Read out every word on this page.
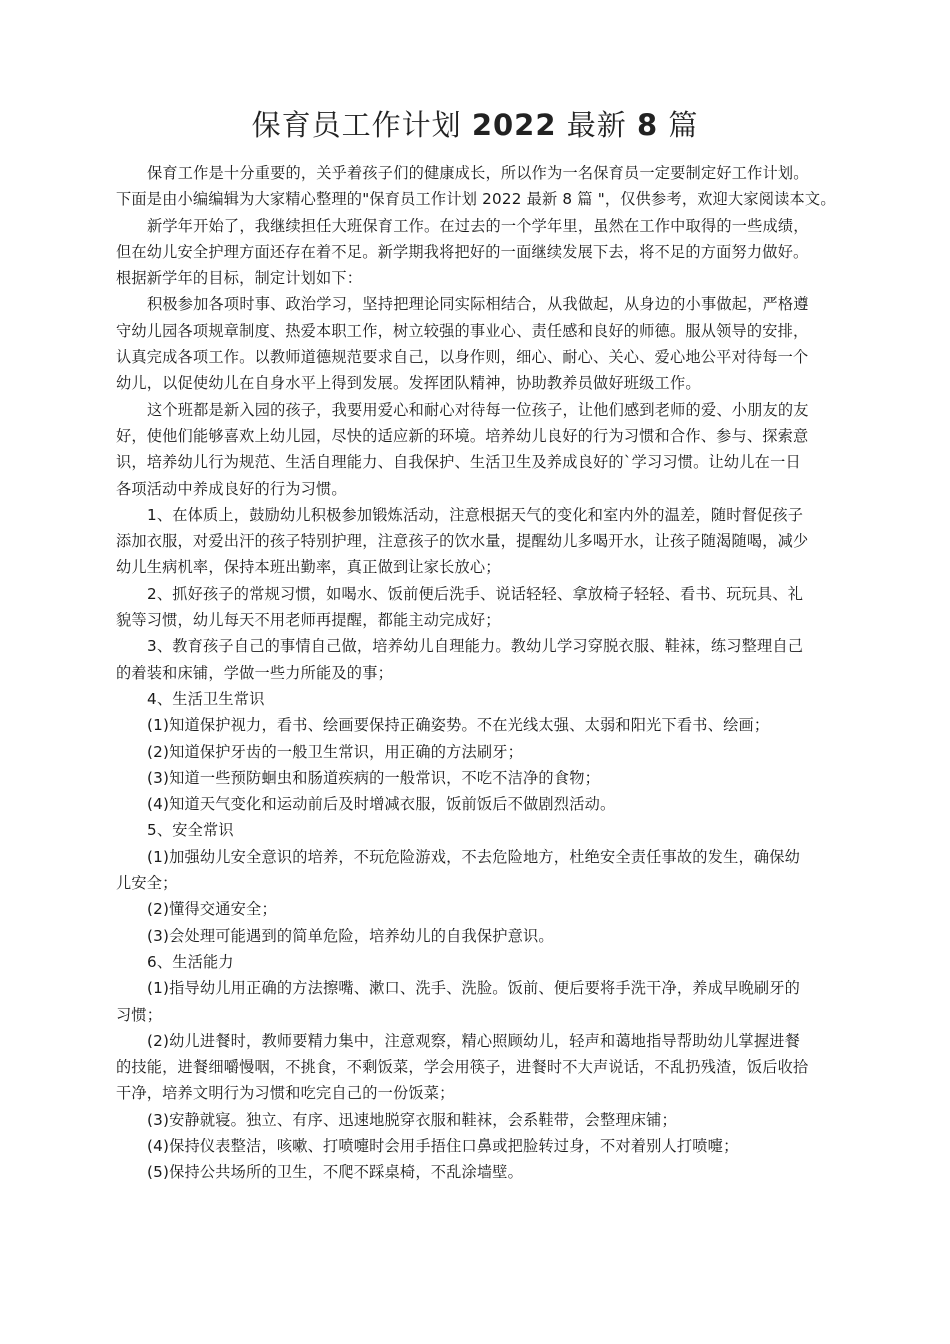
保育员工作计划 2022 最新 8 篇
保育工作是十分重要的，关乎着孩子们的健康成长，所以作为一名保育员一定要制定好工作计划。
下面是由小编编辑为大家精心整理的"保育员工作计划 2022 最新 8 篇 "，仅供参考，欢迎大家阅读本文。
新学年开始了，我继续担任大班保育工作。在过去的一个学年里，虽然在工作中取得的一些成绩，
但在幼儿安全护理方面还存在着不足。新学期我将把好的一面继续发展下去，将不足的方面努力做好。
根据新学年的目标，制定计划如下：
积极参加各项时事、政治学习，坚持把理论同实际相结合，从我做起，从身边的小事做起，严格遵
守幼儿园各项规章制度、热爱本职工作，树立较强的事业心、责任感和良好的师德。服从领导的安排，
认真完成各项工作。以教师道德规范要求自己，以身作则，细心、耐心、关心、爱心地公平对待每一个
幼儿，以促使幼儿在自身水平上得到发展。发挥团队精神，协助教养员做好班级工作。
这个班都是新入园的孩子，我要用爱心和耐心对待每一位孩子，让他们感到老师的爱、小朋友的友
好，使他们能够喜欢上幼儿园，尽快的适应新的环境。培养幼儿良好的行为习惯和合作、参与、探索意
识，培养幼儿行为规范、生活自理能力、自我保护、生活卫生及养成良好的`学习习惯。让幼儿在一日
各项活动中养成良好的行为习惯。
1、在体质上，鼓励幼儿积极参加锻炼活动，注意根据天气的变化和室内外的温差，随时督促孩子
添加衣服，对爱出汗的孩子特别护理，注意孩子的饮水量，提醒幼儿多喝开水，让孩子随渴随喝，减少
幼儿生病机率，保持本班出勤率，真正做到让家长放心；
2、抓好孩子的常规习惯，如喝水、饭前便后洗手、说话轻轻、拿放椅子轻轻、看书、玩玩具、礼
貌等习惯，幼儿每天不用老师再提醒，都能主动完成好；
3、教育孩子自己的事情自己做，培养幼儿自理能力。教幼儿学习穿脱衣服、鞋袜，练习整理自己
的着装和床铺，学做一些力所能及的事；
4、生活卫生常识
(1)知道保护视力，看书、绘画要保持正确姿势。不在光线太强、太弱和阳光下看书、绘画；
(2)知道保护牙齿的一般卫生常识，用正确的方法刷牙；
(3)知道一些预防蛔虫和肠道疾病的一般常识，不吃不洁净的食物；
(4)知道天气变化和运动前后及时增减衣服，饭前饭后不做剧烈活动。
5、安全常识
(1)加强幼儿安全意识的培养，不玩危险游戏，不去危险地方，杜绝安全责任事故的发生，确保幼
儿安全；
(2)懂得交通安全；
(3)会处理可能遇到的简单危险，培养幼儿的自我保护意识。
6、生活能力
(1)指导幼儿用正确的方法擦嘴、漱口、洗手、洗脸。饭前、便后要将手洗干净，养成早晚刷牙的
习惯；
(2)幼儿进餐时，教师要精力集中，注意观察，精心照顾幼儿，轻声和蔼地指导帮助幼儿掌握进餐
的技能，进餐细嚼慢咽，不挑食，不剩饭菜，学会用筷子，进餐时不大声说话，不乱扔残渣，饭后收拾
干净，培养文明行为习惯和吃完自己的一份饭菜；
(3)安静就寝。独立、有序、迅速地脱穿衣服和鞋袜，会系鞋带，会整理床铺；
(4)保持仪表整洁，咳嗽、打喷嚏时会用手捂住口鼻或把脸转过身，不对着别人打喷嚏；
(5)保持公共场所的卫生，不爬不踩桌椅，不乱涂墙壁。
